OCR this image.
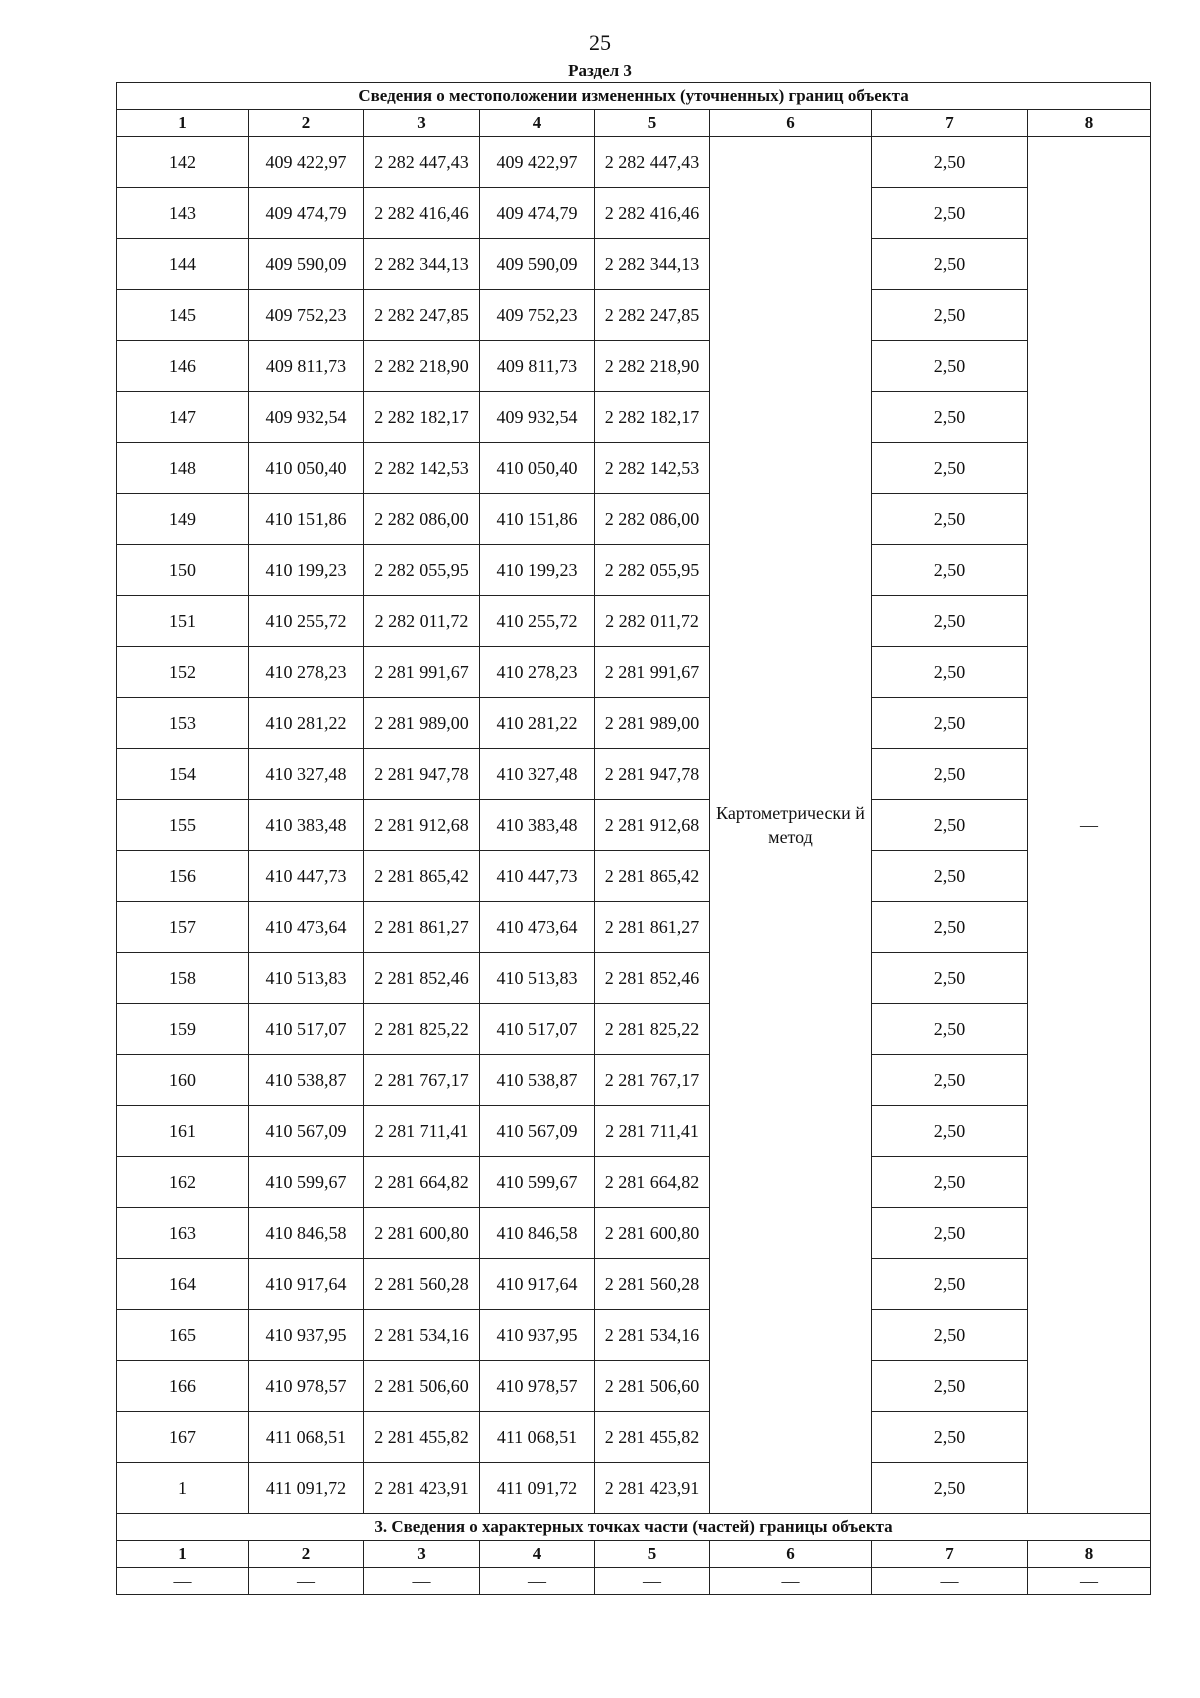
25
Раздел 3
Сведения о местоположении измененных (уточненных) границ объекта							
1	2	3	4	5	6	7	8
142	409 422,97	2 282 447,43	409 422,97	2 282 447,43	Картометрически й метод	2,50	—
143	409 474,79	2 282 416,46	409 474,79	2 282 416,46		2,50	
144	409 590,09	2 282 344,13	409 590,09	2 282 344,13		2,50	
145	409 752,23	2 282 247,85	409 752,23	2 282 247,85		2,50	
146	409 811,73	2 282 218,90	409 811,73	2 282 218,90		2,50	
147	409 932,54	2 282 182,17	409 932,54	2 282 182,17		2,50	
148	410 050,40	2 282 142,53	410 050,40	2 282 142,53		2,50	
149	410 151,86	2 282 086,00	410 151,86	2 282 086,00		2,50	
150	410 199,23	2 282 055,95	410 199,23	2 282 055,95		2,50	
151	410 255,72	2 282 011,72	410 255,72	2 282 011,72		2,50	
152	410 278,23	2 281 991,67	410 278,23	2 281 991,67		2,50	
153	410 281,22	2 281 989,00	410 281,22	2 281 989,00		2,50	
154	410 327,48	2 281 947,78	410 327,48	2 281 947,78		2,50	
155	410 383,48	2 281 912,68	410 383,48	2 281 912,68		2,50	
156	410 447,73	2 281 865,42	410 447,73	2 281 865,42		2,50	
157	410 473,64	2 281 861,27	410 473,64	2 281 861,27		2,50	
158	410 513,83	2 281 852,46	410 513,83	2 281 852,46		2,50	
159	410 517,07	2 281 825,22	410 517,07	2 281 825,22		2,50	
160	410 538,87	2 281 767,17	410 538,87	2 281 767,17		2,50	
161	410 567,09	2 281 711,41	410 567,09	2 281 711,41		2,50	
162	410 599,67	2 281 664,82	410 599,67	2 281 664,82		2,50	
163	410 846,58	2 281 600,80	410 846,58	2 281 600,80		2,50	
164	410 917,64	2 281 560,28	410 917,64	2 281 560,28		2,50	
165	410 937,95	2 281 534,16	410 937,95	2 281 534,16		2,50	
166	410 978,57	2 281 506,60	410 978,57	2 281 506,60		2,50	
167	411 068,51	2 281 455,82	411 068,51	2 281 455,82		2,50	
1	411 091,72	2 281 423,91	411 091,72	2 281 423,91		2,50	
3. Сведения о характерных точках части (частей) границы объекта							
1	2	3	4	5	6	7	8
—	—	—	—	—	—	—	—
